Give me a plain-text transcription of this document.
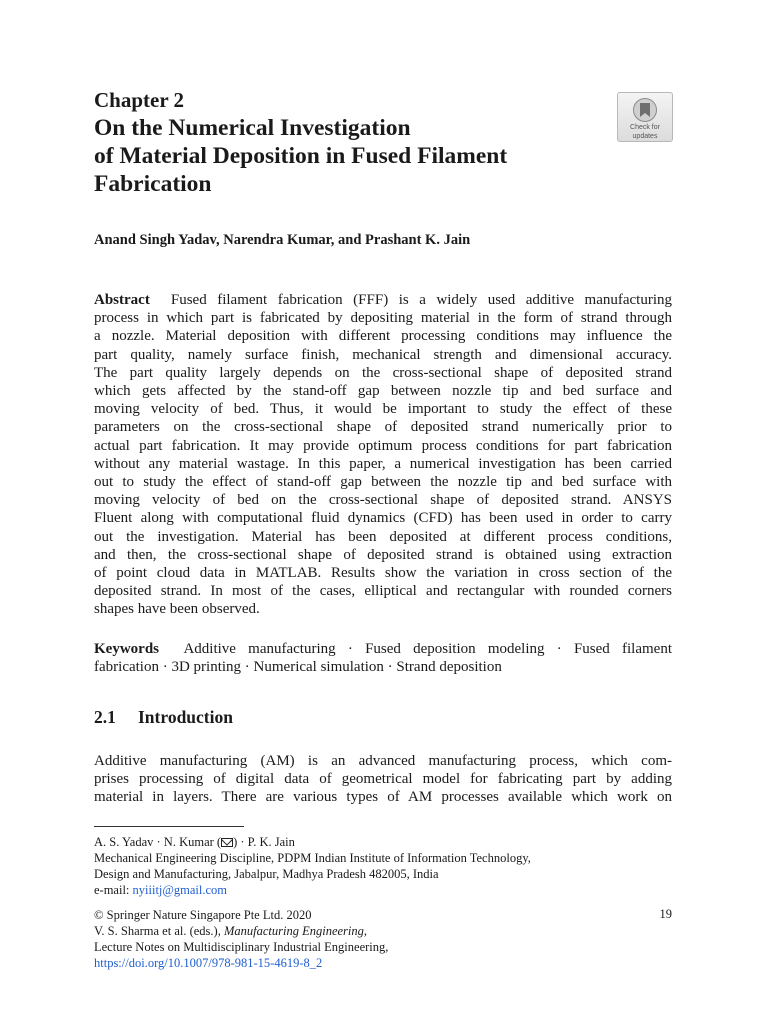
Chapter 2
On the Numerical Investigation
of Material Deposition in Fused Filament
Fabrication
Check for
updates
Anand Singh Yadav, Narendra Kumar, and Prashant K. Jain
Abstract Fused filament fabrication (FFF) is a widely used additive manufacturing
process in which part is fabricated by depositing material in the form of strand through
a nozzle. Material deposition with different processing conditions may influence the
part quality, namely surface finish, mechanical strength and dimensional accuracy.
The part quality largely depends on the cross-sectional shape of deposited strand
which gets affected by the stand-off gap between nozzle tip and bed surface and
moving velocity of bed. Thus, it would be important to study the effect of these
parameters on the cross-sectional shape of deposited strand numerically prior to
actual part fabrication. It may provide optimum process conditions for part fabrication
without any material wastage. In this paper, a numerical investigation has been carried
out to study the effect of stand-off gap between the nozzle tip and bed surface with
moving velocity of bed on the cross-sectional shape of deposited strand. ANSYS
Fluent along with computational fluid dynamics (CFD) has been used in order to carry
out the investigation. Material has been deposited at different process conditions,
and then, the cross-sectional shape of deposited strand is obtained using extraction
of point cloud data in MATLAB. Results show the variation in cross section of the
deposited strand. In most of the cases, elliptical and rectangular with rounded corners
shapes have been observed.
Keywords Additive manufacturing · Fused deposition modeling · Fused filament
fabrication · 3D printing · Numerical simulation · Strand deposition
2.1 Introduction
Additive manufacturing (AM) is an advanced manufacturing process, which com-
prises processing of digital data of geometrical model for fabricating part by adding
material in layers. There are various types of AM processes available which work on
A. S. Yadav · N. Kumar ( ) · P. K. Jain
Mechanical Engineering Discipline, PDPM Indian Institute of Information Technology,
Design and Manufacturing, Jabalpur, Madhya Pradesh 482005, India
e-mail: nyiiitj@gmail.com
© Springer Nature Singapore Pte Ltd. 2020
V. S. Sharma et al. (eds.), Manufacturing Engineering,
Lecture Notes on Multidisciplinary Industrial Engineering,
https://doi.org/10.1007/978-981-15-4619-8_2
19
